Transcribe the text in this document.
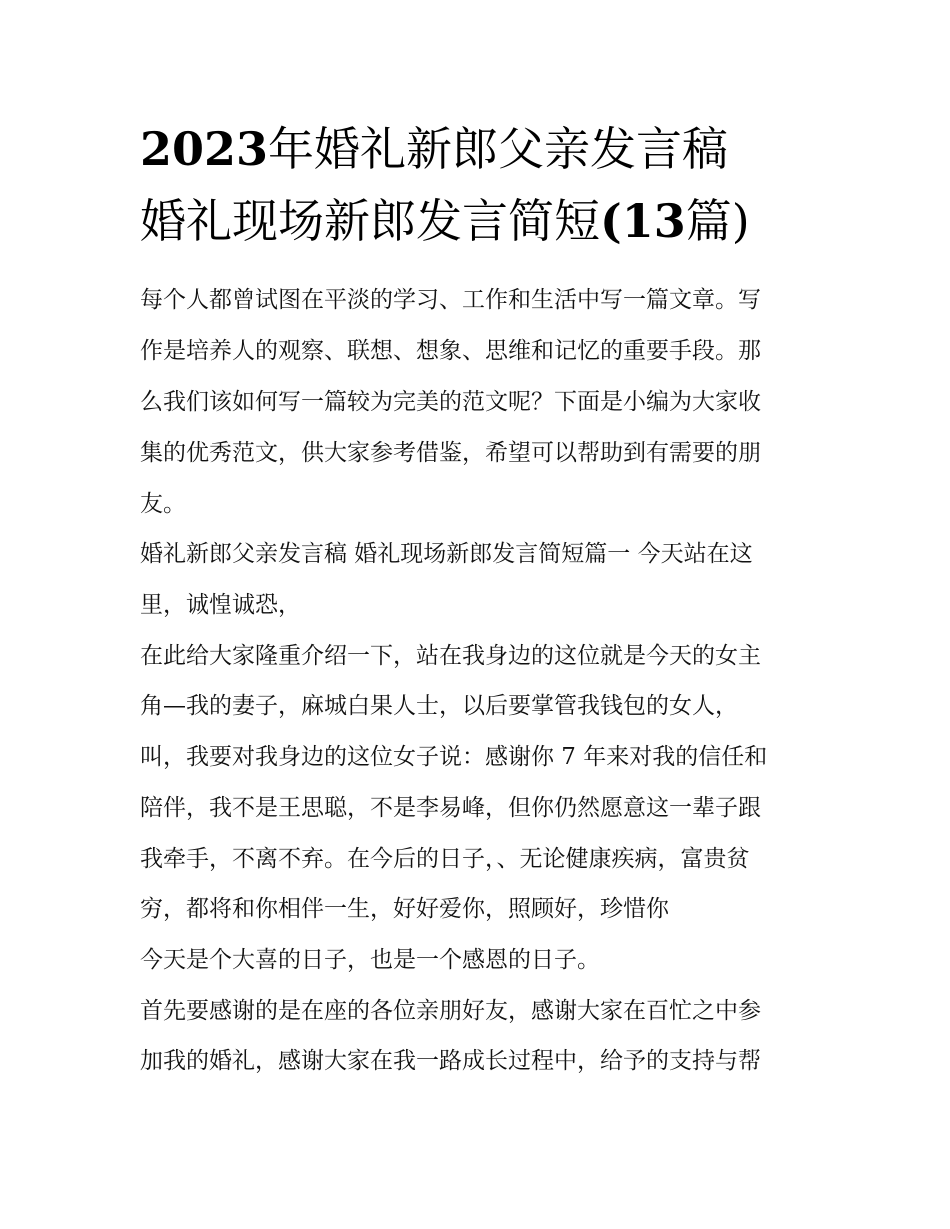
2023年婚礼新郎父亲发言稿
婚礼现场新郎发言简短(13篇)
每个人都曾试图在平淡的学习、工作和生活中写一篇文章。写
作是培养人的观察、联想、想象、思维和记忆的重要手段。那
么我们该如何写一篇较为完美的范文呢？下面是小编为大家收
集的优秀范文，供大家参考借鉴，希望可以帮助到有需要的朋
友。
婚礼新郎父亲发言稿 婚礼现场新郎发言简短篇一 今天站在这
里，诚惶诚恐，
在此给大家隆重介绍一下，站在我身边的这位就是今天的女主
角—我的妻子，麻城白果人士，以后要掌管我钱包的女人，
叫，我要对我身边的这位女子说：感谢你 7 年来对我的信任和
陪伴，我不是王思聪，不是李易峰，但你仍然愿意这一辈子跟
我牵手，不离不弃。在今后的日子，、无论健康疾病，富贵贫
穷，都将和你相伴一生，好好爱你，照顾好，珍惜你
今天是个大喜的日子，也是一个感恩的日子。
首先要感谢的是在座的各位亲朋好友，感谢大家在百忙之中参
加我的婚礼，感谢大家在我一路成长过程中，给予的支持与帮
